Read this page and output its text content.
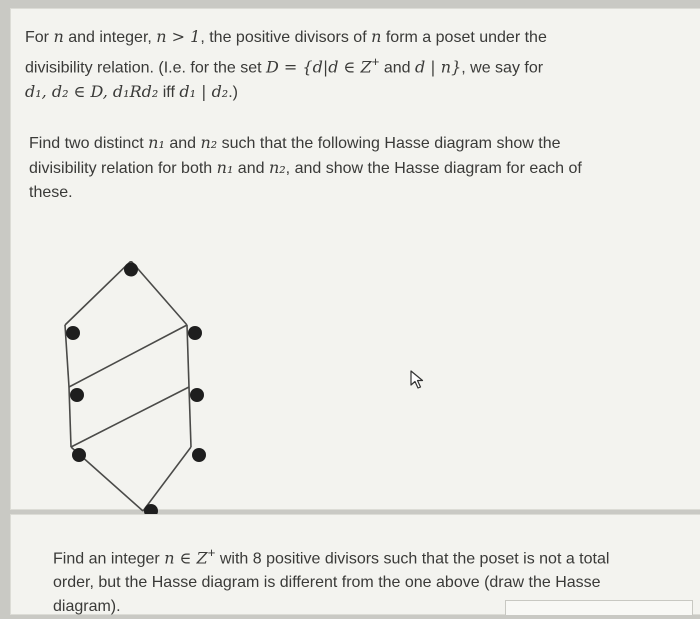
For n and integer, n > 1, the positive divisors of n form a poset under the
divisibility relation. (I.e. for the set D = {d|d ∈ Z+ and d | n}, we say for
d₁, d₂ ∈ D, d₁Rd₂ iff d₁ | d₂.)
Find two distinct n₁ and n₂ such that the following Hasse diagram show the
divisibility relation for both n₁ and n₂, and show the Hasse diagram for each of
these.
Find an integer n ∈ Z+ with 8 positive divisors such that the poset is not a total
order, but the Hasse diagram is different from the one above (draw the Hasse
diagram).
